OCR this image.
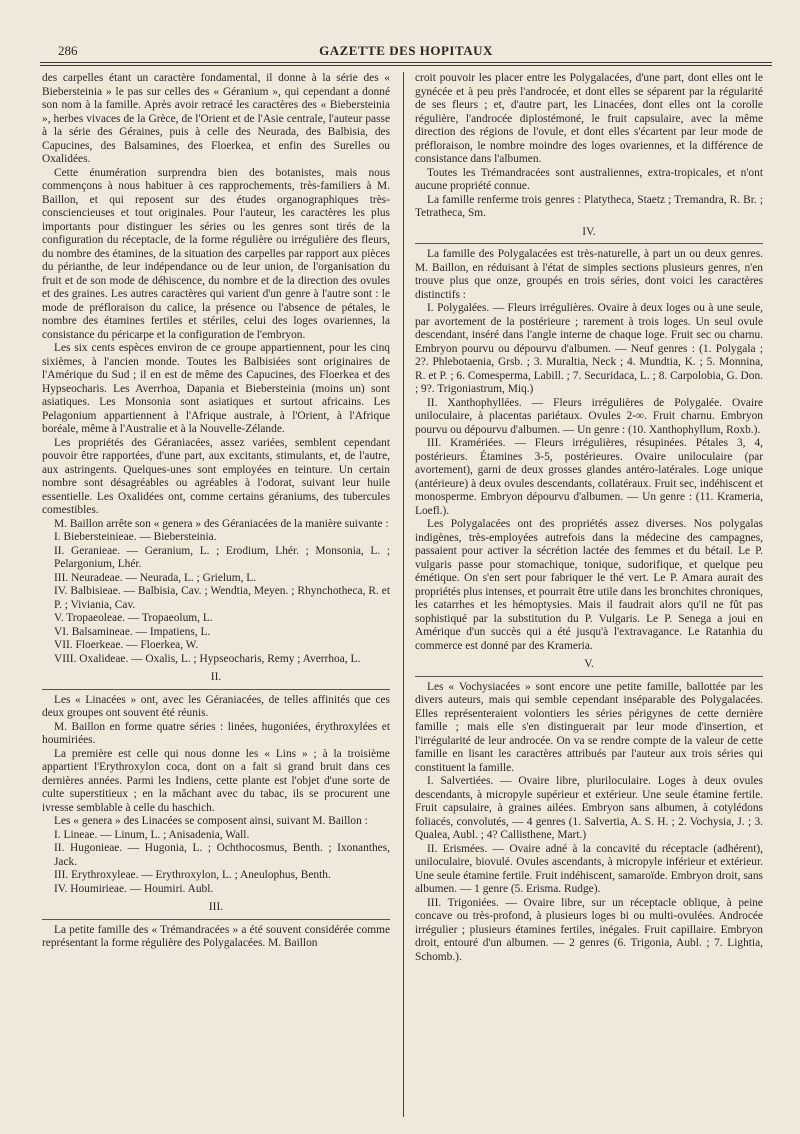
286	GAZETTE DES HOPITAUX

des carpelles étant un caractère fondamental, il donne à la série des « Biebersteinia » le pas sur celles des « Géranium », qui cependant a donné son nom à la famille. Après avoir retracé les caractères des « Biebersteinia », herbes vivaces de la Grèce, de l'Orient et de l'Asie centrale, l'auteur passe à la série des Géraines, puis à celle des Neurada, des Balbisia, des Capucines, des Balsamines, des Floerkea, et enfin des Surelles ou Oxalidées.

Cette énumération surprendra bien des botanistes, mais nous commençons à nous habituer à ces rapprochements, très-familiers à M. Baillon, et qui reposent sur des études organographiques très-consciencieuses et tout originales. Pour l'auteur, les caractères les plus importants pour distinguer les séries ou les genres sont tirés de la configuration du réceptacle, de la forme régulière ou irrégulière des fleurs, du nombre des étamines, de la situation des carpelles par rapport aux pièces du périanthe, de leur indépendance ou de leur union, de l'organisation du fruit et de son mode de déhiscence, du nombre et de la direction des ovules et des graines. Les autres caractères qui varient d'un genre à l'autre sont : le mode de préfloraison du calice, la présence ou l'absence de pétales, le nombre des étamines fertiles et stériles, celui des loges ovariennes, la consistance du péricarpe et la configuration de l'embryon.

Les six cents espèces environ de ce groupe appartiennent, pour les cinq sixièmes, à l'ancien monde. Toutes les Balbisiées sont originaires de l'Amérique du Sud ; il en est de même des Capucines, des Floerkea et des Hypseocharis. Les Averrhoa, Dapania et Biebersteinia (moins un) sont asiatiques. Les Monsonia sont asiatiques et surtout africains. Les Pelagonium appartiennent à l'Afrique australe, à l'Orient, à l'Afrique boréale, même à l'Australie et à la Nouvelle-Zélande.

Les propriétés des Géraniacées, assez variées, semblent cependant pouvoir être rapportées, d'une part, aux excitants, stimulants, et, de l'autre, aux astringents. Quelques-unes sont employées en teinture. Un certain nombre sont désagréables ou agréables à l'odorat, suivant leur huile essentielle. Les Oxalidées ont, comme certains géraniums, des tubercules comestibles.

M. Baillon arrête son « genera » des Géraniacées de la manière suivante :

I. Biebersteinieae. — Biebersteinia.

II. Geranieae. — Geranium, L. ; Erodium, Lhér. ; Monsonia, L. ; Pelargonium, Lhér.

III. Neuradeae. — Neurada, L. ; Grielum, L.

IV. Balbisieae. — Balbisia, Cav. ; Wendtia, Meyen. ; Rhynchotheca, R. et P. ; Viviania, Cav.

V. Tropaeoleae. — Tropaeolum, L.

VI. Balsamineae. — Impatiens, L.

VII. Floerkeae. — Floerkea, W.

VIII. Oxalideae. — Oxalis, L. ; Hypseocharis, Remy ; Averrhoa, L.

II.

Les « Linacées » ont, avec les Géraniacées, de telles affinités que ces deux groupes ont souvent été réunis.

M. Baillon en forme quatre séries : linées, hugoniées, érythroxylées et houmiriées.

La première est celle qui nous donne les « Lins » ; à la troisième appartient l'Erythroxylon coca, dont on a fait si grand bruit dans ces dernières années. Parmi les Indiens, cette plante est l'objet d'une sorte de culte superstitieux ; en la mâchant avec du tabac, ils se procurent une ivresse semblable à celle du haschich.

Les « genera » des Linacées se composent ainsi, suivant M. Baillon :

I. Lineae. — Linum, L. ; Anisadenia, Wall.

II. Hugonieae. — Hugonia, L. ; Ochthocosmus, Benth. ; Ixonanthes, Jack.

III. Erythroxyleae. — Erythroxylon, L. ; Aneulophus, Benth.

IV. Houmirieae. — Houmiri. Aubl.

III.

La petite famille des « Trémandracées » a été souvent considérée comme représentant la forme régulière des Polygalacées. M. Baillon

croit pouvoir les placer entre les Polygalacées, d'une part, dont elles ont le gynécée et à peu près l'androcée, et dont elles se séparent par la régularité de ses fleurs ; et, d'autre part, les Linacées, dont elles ont la corolle régulière, l'androcée diplostémoné, le fruit capsulaire, avec la même direction des régions de l'ovule, et dont elles s'écartent par leur mode de préfloraison, le nombre moindre des loges ovariennes, et la différence de consistance dans l'albumen.

Toutes les Trémandracées sont australiennes, extra-tropicales, et n'ont aucune propriété connue.

La famille renferme trois genres : Platytheca, Staetz ; Tremandra, R. Br. ; Tetratheca, Sm.

IV.

La famille des Polygalacées est très-naturelle, à part un ou deux genres. M. Baillon, en réduisant à l'état de simples sections plusieurs genres, n'en trouve plus que onze, groupés en trois séries, dont voici les caractères distinctifs :

I. Polygalées. — Fleurs irrégulières. Ovaire à deux loges ou à une seule, par avortement de la postérieure ; rarement à trois loges. Un seul ovule descendant, inséré dans l'angle interne de chaque loge. Fruit sec ou charnu. Embryon pourvu ou dépourvu d'albumen. — Neuf genres : (1. Polygala ; 2?. Phlebotaenia, Grsb. ; 3. Muraltia, Neck ; 4. Mundtia, K. ; 5. Monnina, R. et P. ; 6. Comesperma, Labill. ; 7. Securidaca, L. ; 8. Carpolobia, G. Don. ; 9?. Trigoniastrum, Miq.)

II. Xanthophyllées. — Fleurs irrégulières de Polygalée. Ovaire uniloculaire, à placentas pariétaux. Ovules 2-∞. Fruit charnu. Embryon pourvu ou dépourvu d'albumen. — Un genre : (10. Xanthophyllum, Roxb.).

III. Kramériées. — Fleurs irrégulières, résupinées. Pétales 3, 4, postérieurs. Étamines 3-5, postérieures. Ovaire uniloculaire (par avortement), garni de deux grosses glandes antéro-latérales. Loge unique (antérieure) à deux ovules descendants, collatéraux. Fruit sec, indéhiscent et monosperme. Embryon dépourvu d'albumen. — Un genre : (11. Krameria, Loefl.).

Les Polygalacées ont des propriétés assez diverses. Nos polygalas indigènes, très-employées autrefois dans la médecine des campagnes, passaient pour activer la sécrétion lactée des femmes et du bétail. Le P. vulgaris passe pour stomachique, tonique, sudorifique, et quelque peu émétique. On s'en sert pour fabriquer le thé vert. Le P. Amara aurait des propriétés plus intenses, et pourrait être utile dans les bronchites chroniques, les catarrhes et les hémoptysies. Mais il faudrait alors qu'il ne fût pas sophistiqué par la substitution du P. Vulgaris. Le P. Senega a joui en Amérique d'un succès qui a été jusqu'à l'extravagance. Le Ratanhia du commerce est donné par des Krameria.

V.

Les « Vochysiacées » sont encore une petite famille, ballottée par les divers auteurs, mais qui semble cependant inséparable des Polygalacées. Elles représenteraient volontiers les séries périgynes de cette dernière famille ; mais elle s'en distinguerait par leur mode d'insertion, et l'irrégularité de leur androcée. On va se rendre compte de la valeur de cette famille en lisant les caractères attribués par l'auteur aux trois séries qui constituent la famille.

I. Salvertiées. — Ovaire libre, pluriloculaire. Loges à deux ovules descendants, à micropyle supérieur et extérieur. Une seule étamine fertile. Fruit capsulaire, à graines ailées. Embryon sans albumen, à cotylédons foliacés, convolutés, — 4 genres (1. Salvertia, A. S. H. ; 2. Vochysia, J. ; 3. Qualea, Aubl. ; 4? Callisthene, Mart.)

II. Erismées. — Ovaire adné à la concavité du réceptacle (adhérent), uniloculaire, biovulé. Ovules ascendants, à micropyle inférieur et extérieur. Une seule étamine fertile. Fruit indéhiscent, samaroïde. Embryon droit, sans albumen. — 1 genre (5. Erisma. Rudge).

III. Trigoniées. — Ovaire libre, sur un réceptacle oblique, à peine concave ou très-profond, à plusieurs loges bi ou multi-ovulées. Androcée irrégulier ; plusieurs étamines fertiles, inégales. Fruit capillaire. Embryon droit, entouré d'un albumen. — 2 genres (6. Trigonia, Aubl. ; 7. Lightia, Schomb.).
